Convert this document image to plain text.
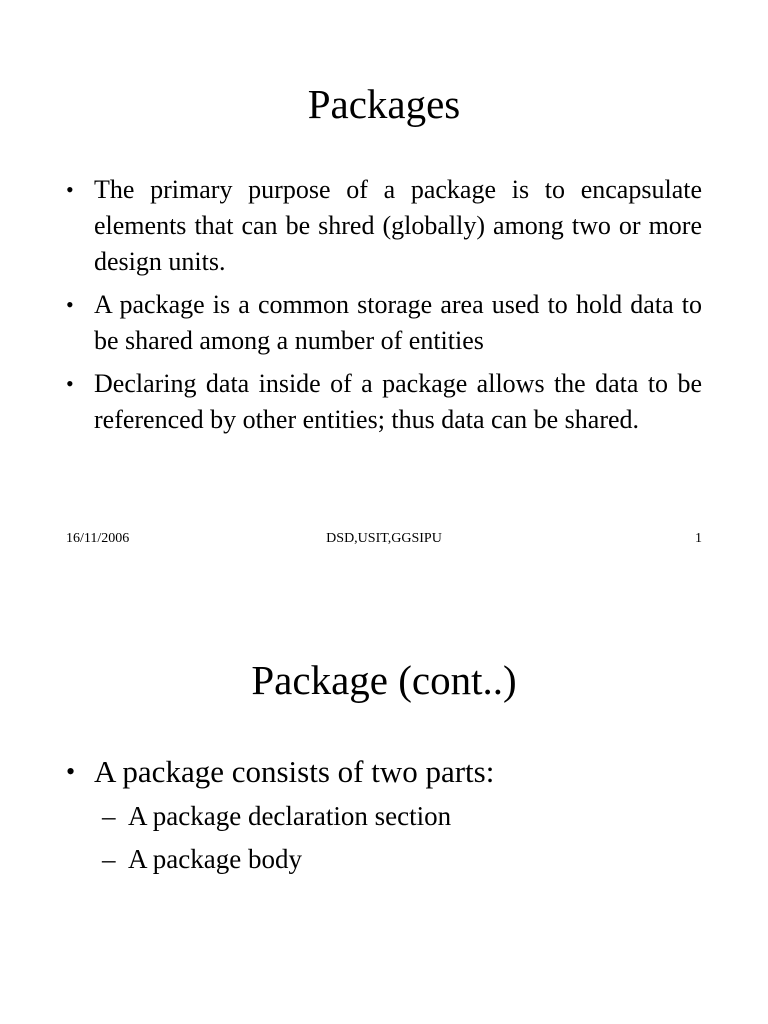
Packages
• The primary purpose of a package is to encapsulate elements that can be shred (globally) among two or more design units.
• A package is a common storage area used to hold data to be shared among a number of entities
• Declaring data inside of a package allows the data to be referenced by other entities; thus data can be shared.
16/11/2006	DSD,USIT,GGSIPU	1
Package (cont..)
• A package consists of two parts:
– A package declaration section
– A package body
